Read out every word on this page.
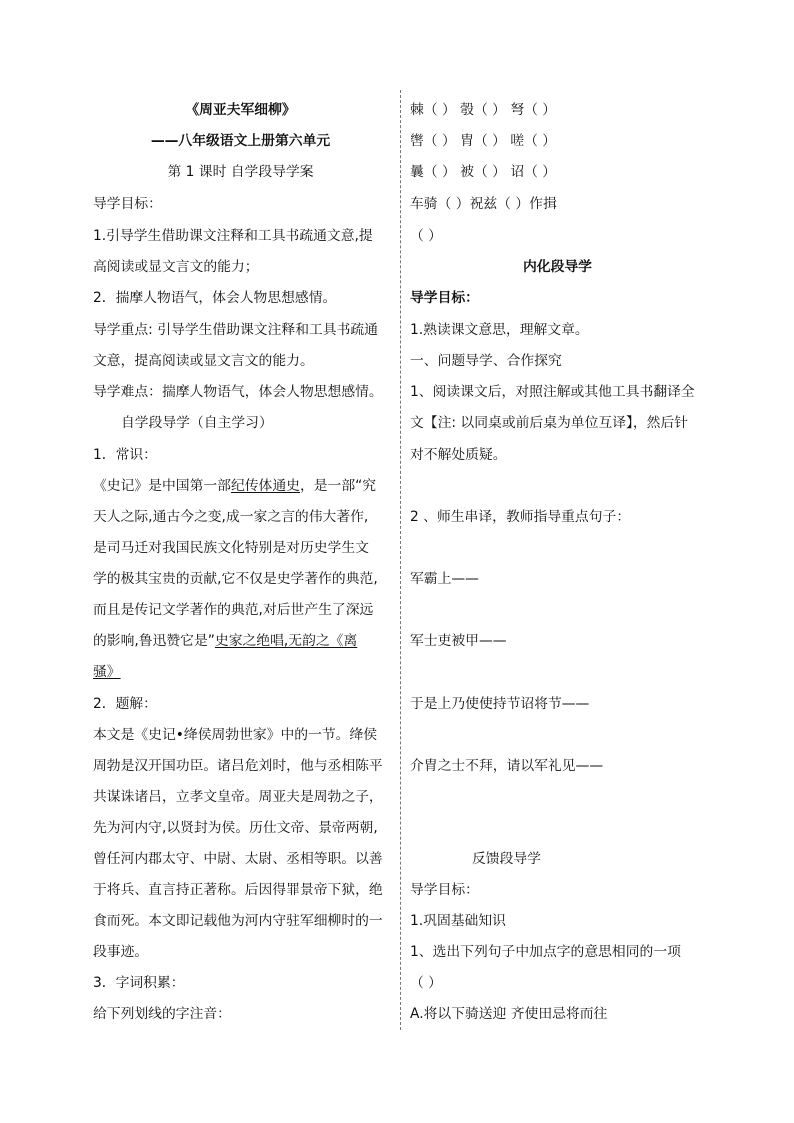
《周亚夫军细柳》
——八年级语文上册第六单元
第 1 课时 自学段导学案
导学目标：
1.引导学生借助课文注释和工具书疏通文意,提
高阅读或显文言文的能力；
2．揣摩人物语气，体会人物思想感情。
导学重点: 引导学生借助课文注释和工具书疏通
文意，提高阅读或显文言文的能力。
导学难点：揣摩人物语气，体会人物思想感情。
自学段导学（自主学习）
1．常识：
《史记》是中国第一部纪传体通史，是一部“究
天人之际,通古今之变,成一家之言的伟大著作,
是司马迁对我国民族文化特别是对历史学生文
学的极其宝贵的贡献,它不仅是史学著作的典范,
而且是传记文学著作的典范,对后世产生了深远
的影响,鲁迅赞它是”史家之绝唱,无韵之《离
骚》
2．题解：
本文是《史记•绛侯周勃世家》中的一节。绛侯
周勃是汉开国功臣。诸吕危刘时，他与丞相陈平
共谋诛诸吕，立孝文皇帝。周亚夫是周勃之子，
先为河内守,以贤封为侯。历仕文帝、景帝两朝,
曾任河内郡太守、中尉、太尉、丞相等职。以善
于将兵、直言持正著称。后因得罪景帝下狱，绝
食而死。本文即记载他为河内守驻军细柳时的一
段事迹。
3．字词积累：
给下列划线的字注音：
棘（ ） 彀（ ） 弩（ ）
辔（ ） 胄（ ） 嗟（ ）
曩（ ） 被（ ） 诏（ ）
车骑（ ）祝兹（ ）作揖
（ ）
内化段导学
导学目标：
1.熟读课文意思，理解文章。
一、问题导学、合作探究
1、阅读课文后，对照注解或其他工具书翻译全
文【注: 以同桌或前后桌为单位互译】，然后针
对不解处质疑。
2 、师生串译，教师指导重点句子：
军霸上——
军士吏被甲——
于是上乃使使持节诏将节——
介胄之士不拜，请以军礼见——
反馈段导学
导学目标：
1.巩固基础知识
1、选出下列句子中加点字的意思相同的一项
（ ）
A.将以下骑送迎 齐使田忌将而往
